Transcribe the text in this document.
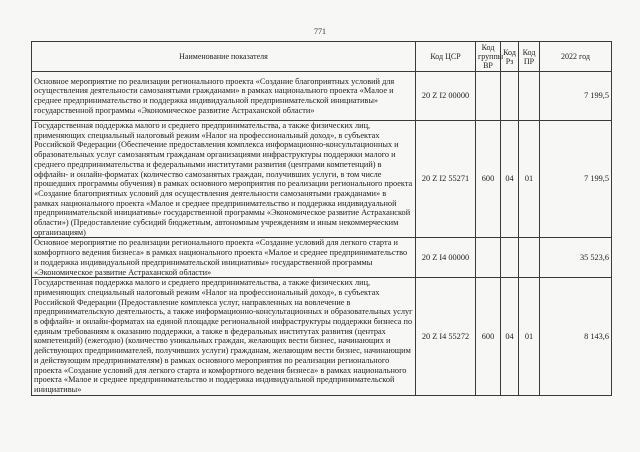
771
Наименование показателя	Код ЦСР	Код группы ВР	Код Рз	Код ПР	2022 год
Основное мероприятие по реализации регионального проекта «Создание благоприятных условий для осуществления деятельности самозанятыми гражданами» в рамках национального проекта «Малое и среднее предпринимательство и поддержка индивидуальной предпринимательской инициативы» государственной программы «Экономическое развитие Астраханской области»	20 Z I2 00000				7 199,5
Государственная поддержка малого и среднего предпринимательства, а также физических лиц, применяющих специальный налоговый режим «Налог на профессиональный доход», в субъектах Российской Федерации (Обеспечение предоставления комплекса информационно-консультационных и образовательных услуг самозанятым гражданам организациями инфраструктуры поддержки малого и среднего предпринимательства и федеральными институтами развития (центрами компетенций) в оффлайн- и онлайн-форматах (количество самозанятых граждан, получивших услуги, в том числе прошедших программы обучения) в рамках основного мероприятия по реализации регионального проекта «Создание благоприятных условий для осуществления деятельности самозанятыми гражданами» в рамках национального проекта «Малое и среднее предпринимательство и поддержка индивидуальной предпринимательской инициативы» государственной программы «Экономическое развитие Астраханской области») (Предоставление субсидий бюджетным, автономным учреждениям и иным некоммерческим организациям)	20 Z I2 55271	600	04	01	7 199,5
Основное мероприятие по реализации регионального проекта «Создание условий для легкого старта и комфортного ведения бизнеса» в рамках национального проекта «Малое и среднее предпринимательство и поддержка индивидуальной предпринимательской инициативы» государственной программы «Экономическое развитие Астраханской области»	20 Z I4 00000				35 523,6
Государственная поддержка малого и среднего предпринимательства, а также физических лиц, применяющих специальный налоговый режим «Налог на профессиональный доход», в субъектах Российской Федерации (Предоставление комплекса услуг, направленных на вовлечение в предпринимательскую деятельность, а также информационно-консультационных и образовательных услуг в оффлайн- и онлайн-форматах на единой площадке региональной инфраструктуры поддержки бизнеса по единым требованиям к оказанию поддержки, а также в федеральных институтах развития (центрах компетенций) (ежегодно) (количество уникальных граждан, желающих вести бизнес, начинающих и действующих предпринимателей, получивших услуги) гражданам, желающим вести бизнес, начинающим и действующим предпринимателям) в рамках основного мероприятия по реализации регионального проекта «Создание условий для легкого старта и комфортного ведения бизнеса» в рамках национального проекта «Малое и среднее предпринимательство и поддержка индивидуальной предпринимательской инициативы»	20 Z I4 55272	600	04	01	8 143,6
